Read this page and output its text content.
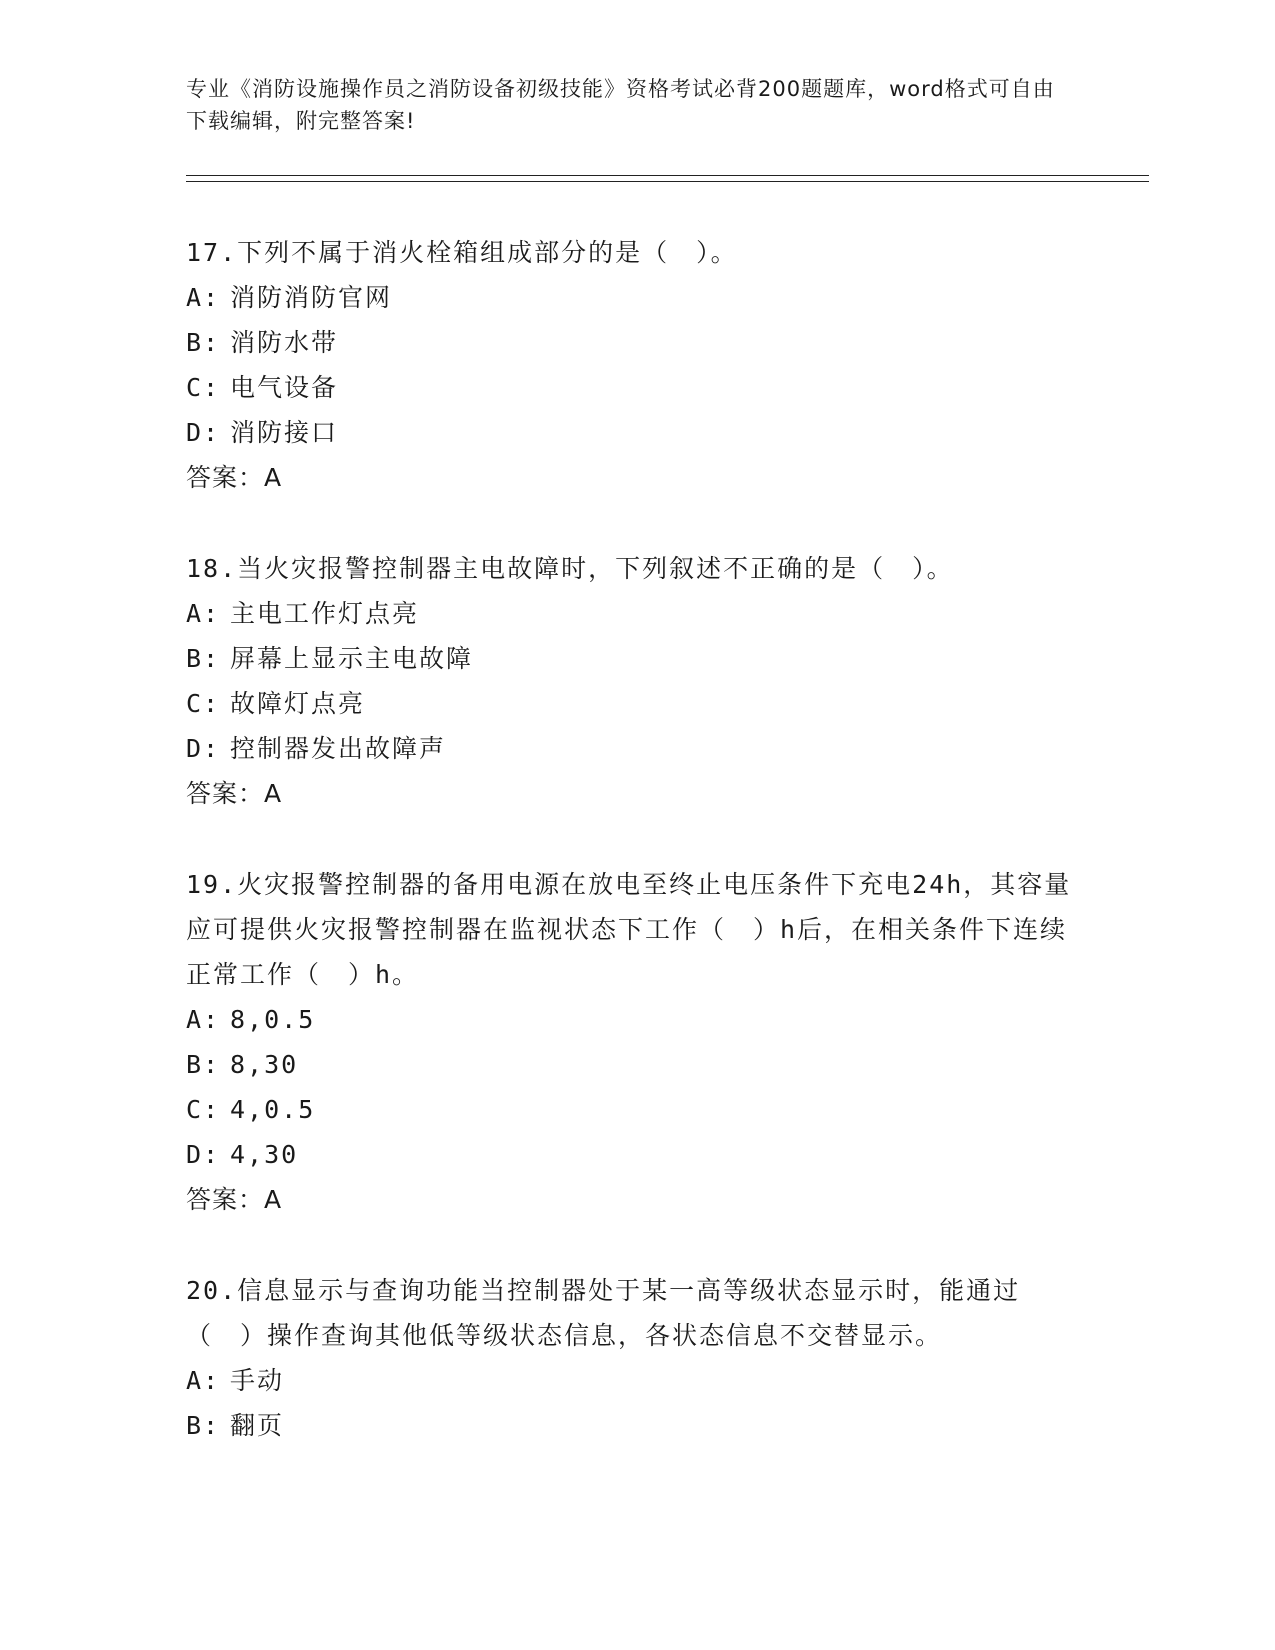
专业《消防设施操作员之消防设备初级技能》资格考试必背200题题库，word格式可自由下载编辑，附完整答案!

17.下列不属于消火栓箱组成部分的是（　）。

A: 消防消防官网
B: 消防水带
C: 电气设备
D: 消防接口
答案：A

18.当火灾报警控制器主电故障时，下列叙述不正确的是（　）。

A: 主电工作灯点亮
B: 屏幕上显示主电故障
C: 故障灯点亮
D: 控制器发出故障声
答案：A

19.火灾报警控制器的备用电源在放电至终止电压条件下充电24h，其容量应可提供火灾报警控制器在监视状态下工作（　）h后，在相关条件下连续正常工作（　）h。

A: 8,0.5
B: 8,30
C: 4,0.5
D: 4,30
答案：A

20.信息显示与查询功能当控制器处于某一高等级状态显示时，能通过（　）操作查询其他低等级状态信息，各状态信息不交替显示。

A: 手动
B: 翻页
